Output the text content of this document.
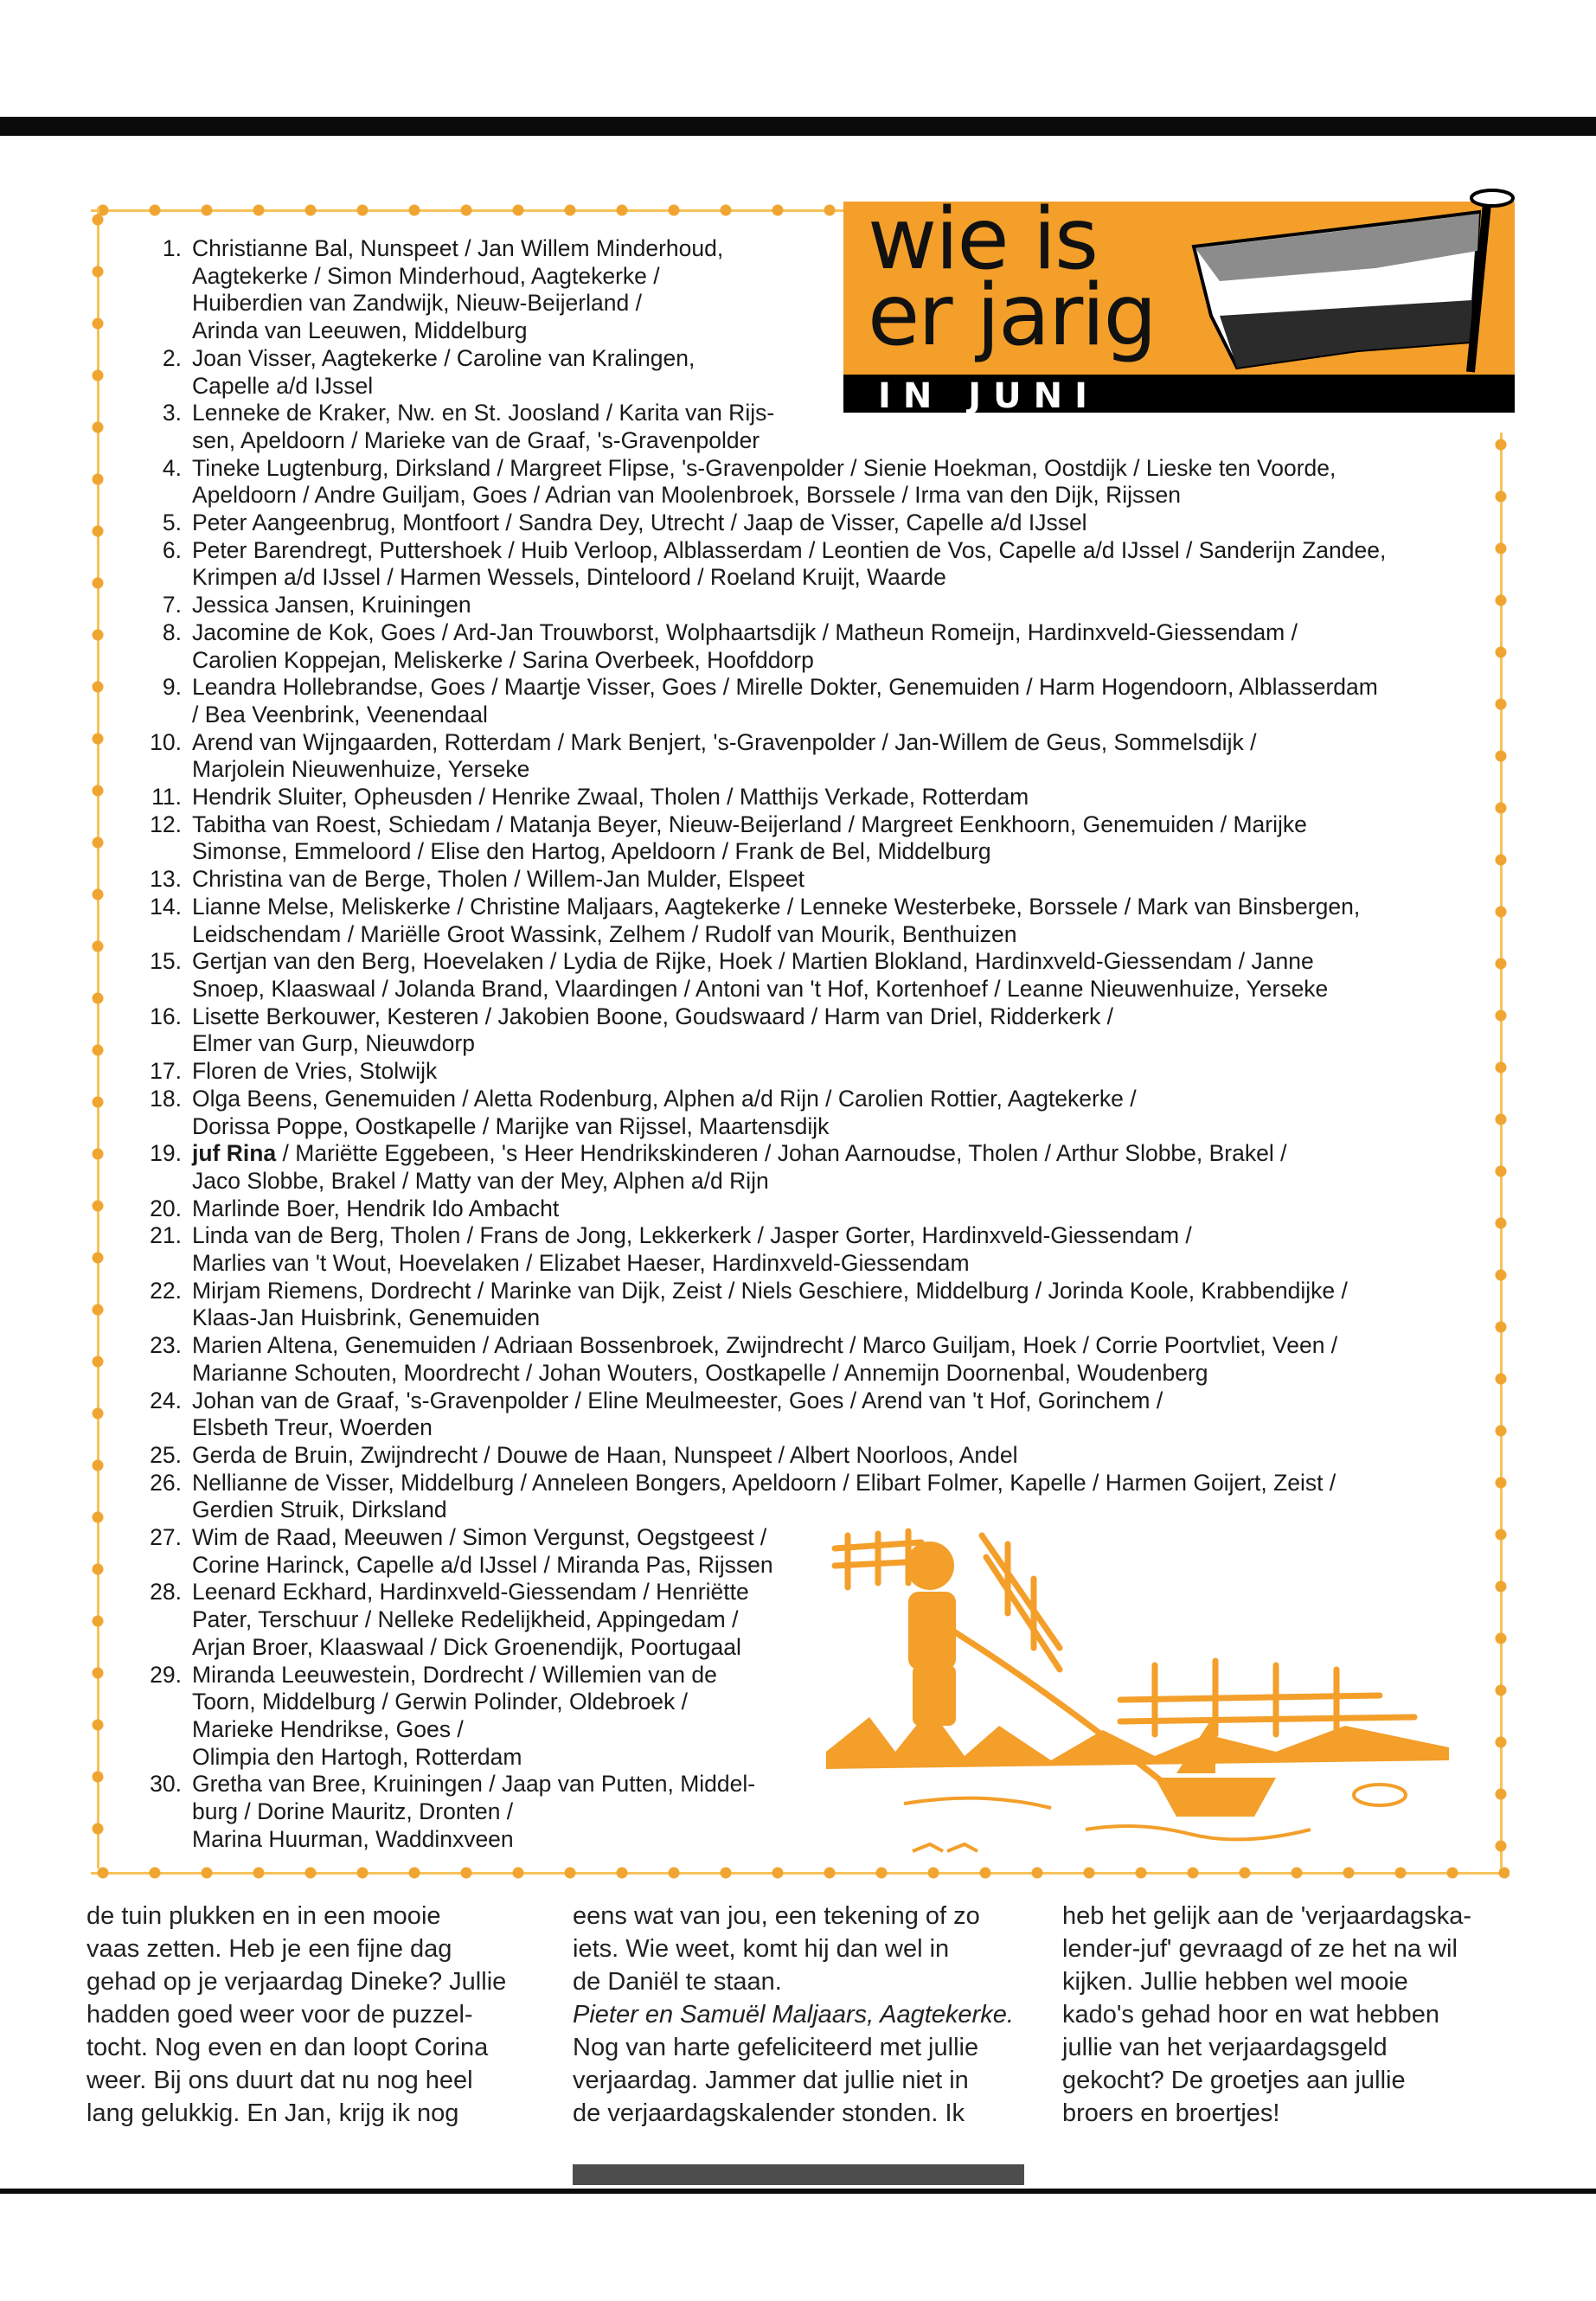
wie is
er jarig
IN JUNI
1. Christianne Bal, Nunspeet / Jan Willem Minderhoud,
Aagtekerke / Simon Minderhoud, Aagtekerke /
Huiberdien van Zandwijk, Nieuw-Beijerland /
Arinda van Leeuwen, Middelburg
2. Joan Visser, Aagtekerke / Caroline van Kralingen,
Capelle a/d IJssel
3. Lenneke de Kraker, Nw. en St. Joosland / Karita van Rijs-
sen, Apeldoorn / Marieke van de Graaf, 's-Gravenpolder
4. Tineke Lugtenburg, Dirksland / Margreet Flipse, 's-Gravenpolder / Sienie Hoekman, Oostdijk / Lieske ten Voorde,
Apeldoorn / Andre Guiljam, Goes / Adrian van Moolenbroek, Borssele / Irma van den Dijk, Rijssen
5. Peter Aangeenbrug, Montfoort / Sandra Dey, Utrecht / Jaap de Visser, Capelle a/d IJssel
6. Peter Barendregt, Puttershoek / Huib Verloop, Alblasserdam / Leontien de Vos, Capelle a/d IJssel / Sanderijn Zandee,
Krimpen a/d IJssel / Harmen Wessels, Dinteloord / Roeland Kruijt, Waarde
7. Jessica Jansen, Kruiningen
8. Jacomine de Kok, Goes / Ard-Jan Trouwborst, Wolphaartsdijk / Matheun Romeijn, Hardinxveld-Giessendam /
Carolien Koppejan, Meliskerke / Sarina Overbeek, Hoofddorp
9. Leandra Hollebrandse, Goes / Maartje Visser, Goes / Mirelle Dokter, Genemuiden / Harm Hogendoorn, Alblasserdam
/ Bea Veenbrink, Veenendaal
10. Arend van Wijngaarden, Rotterdam / Mark Benjert, 's-Gravenpolder / Jan-Willem de Geus, Sommelsdijk /
Marjolein Nieuwenhuize, Yerseke
11. Hendrik Sluiter, Opheusden / Henrike Zwaal, Tholen / Matthijs Verkade, Rotterdam
12. Tabitha van Roest, Schiedam / Matanja Beyer, Nieuw-Beijerland / Margreet Eenkhoorn, Genemuiden / Marijke
Simonse, Emmeloord / Elise den Hartog, Apeldoorn / Frank de Bel, Middelburg
13. Christina van de Berge, Tholen / Willem-Jan Mulder, Elspeet
14. Lianne Melse, Meliskerke / Christine Maljaars, Aagtekerke / Lenneke Westerbeke, Borssele / Mark van Binsbergen,
Leidschendam / Mariëlle Groot Wassink, Zelhem / Rudolf van Mourik, Benthuizen
15. Gertjan van den Berg, Hoevelaken / Lydia de Rijke, Hoek / Martien Blokland, Hardinxveld-Giessendam / Janne
Snoep, Klaaswaal / Jolanda Brand, Vlaardingen / Antoni van 't Hof, Kortenhoef / Leanne Nieuwenhuize, Yerseke
16. Lisette Berkouwer, Kesteren / Jakobien Boone, Goudswaard / Harm van Driel, Ridderkerk /
Elmer van Gurp, Nieuwdorp
17. Floren de Vries, Stolwijk
18. Olga Beens, Genemuiden / Aletta Rodenburg, Alphen a/d Rijn / Carolien Rottier, Aagtekerke /
Dorissa Poppe, Oostkapelle / Marijke van Rijssel, Maartensdijk
19. juf Rina / Mariëtte Eggebeen, 's Heer Hendrikskinderen / Johan Aarnoudse, Tholen / Arthur Slobbe, Brakel /
Jaco Slobbe, Brakel / Matty van der Mey, Alphen a/d Rijn
20. Marlinde Boer, Hendrik Ido Ambacht
21. Linda van de Berg, Tholen / Frans de Jong, Lekkerkerk / Jasper Gorter, Hardinxveld-Giessendam /
Marlies van 't Wout, Hoevelaken / Elizabet Haeser, Hardinxveld-Giessendam
22. Mirjam Riemens, Dordrecht / Marinke van Dijk, Zeist / Niels Geschiere, Middelburg / Jorinda Koole, Krabbendijke /
Klaas-Jan Huisbrink, Genemuiden
23. Marien Altena, Genemuiden / Adriaan Bossenbroek, Zwijndrecht / Marco Guiljam, Hoek / Corrie Poortvliet, Veen /
Marianne Schouten, Moordrecht / Johan Wouters, Oostkapelle / Annemijn Doornenbal, Woudenberg
24. Johan van de Graaf, 's-Gravenpolder / Eline Meulmeester, Goes / Arend van 't Hof, Gorinchem /
Elsbeth Treur, Woerden
25. Gerda de Bruin, Zwijndrecht / Douwe de Haan, Nunspeet / Albert Noorloos, Andel
26. Nellianne de Visser, Middelburg / Anneleen Bongers, Apeldoorn / Elibart Folmer, Kapelle / Harmen Goijert, Zeist /
Gerdien Struik, Dirksland
27. Wim de Raad, Meeuwen / Simon Vergunst, Oegstgeest /
Corine Harinck, Capelle a/d IJssel / Miranda Pas, Rijssen
28. Leenard Eckhard, Hardinxveld-Giessendam / Henriëtte
Pater, Terschuur / Nelleke Redelijkheid, Appingedam /
Arjan Broer, Klaaswaal / Dick Groenendijk, Poortugaal
29. Miranda Leeuwestein, Dordrecht / Willemien van de
Toorn, Middelburg / Gerwin Polinder, Oldebroek /
Marieke Hendrikse, Goes /
Olimpia den Hartogh, Rotterdam
30. Gretha van Bree, Kruiningen / Jaap van Putten, Middel-
burg / Dorine Mauritz, Dronten /
Marina Huurman, Waddinxveen
de tuin plukken en in een mooie
vaas zetten. Heb je een fijne dag
gehad op je verjaardag Dineke? Jullie
hadden goed weer voor de puzzel-
tocht. Nog even en dan loopt Corina
weer. Bij ons duurt dat nu nog heel
lang gelukkig. En Jan, krijg ik nog
eens wat van jou, een tekening of zo
iets. Wie weet, komt hij dan wel in
de Daniël te staan.
Pieter en Samuël Maljaars, Aagtekerke.
Nog van harte gefeliciteerd met jullie
verjaardag. Jammer dat jullie niet in
de verjaardagskalender stonden. Ik
heb het gelijk aan de 'verjaardagska-
lender-juf' gevraagd of ze het na wil
kijken. Jullie hebben wel mooie
kado's gehad hoor en wat hebben
jullie van het verjaardagsgeld
gekocht? De groetjes aan jullie
broers en broertjes!
